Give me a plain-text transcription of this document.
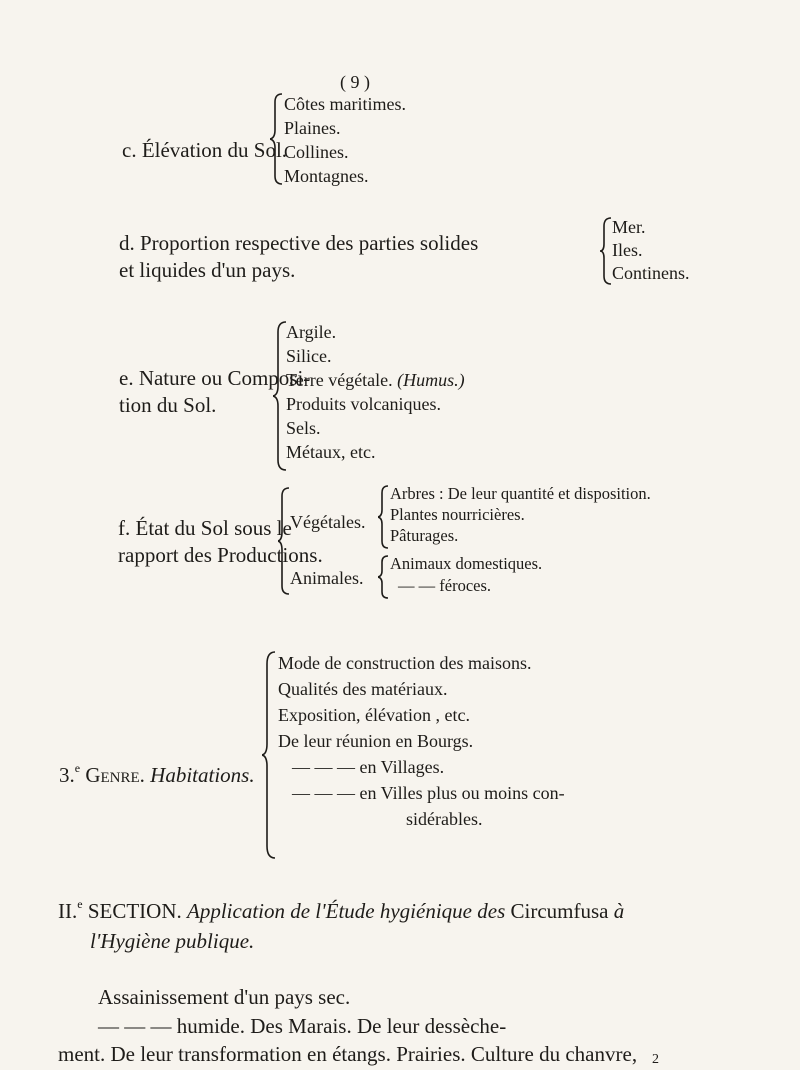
( 9 )
c. Élévation du Sol.
Côtes maritimes.
Plaines.
Collines.
Montagnes.
d. Proportion respective des parties solides
et liquides d'un pays.
Mer.
Iles.
Continens.
e. Nature ou Composi-
tion du Sol.
Argile.
Silice.
Terre végétale. (Humus.)
Produits volcaniques.
Sels.
Métaux, etc.
f. État du Sol sous le
rapport des Productions.
Végétales.
Arbres : De leur quantité et disposition.
Plantes nourricières.
Pâturages.
Animales.
Animaux domestiques.
— — féroces.
3.$^e$ Genre. Habitations.
Mode de construction des maisons.
Qualités des matériaux.
Exposition, élévation , etc.
De leur réunion en Bourgs.
— — — en Villages.
— — — en Villes plus ou moins con-
sidérables.
II.$^e$ SECTION. Application de l'Étude hygiénique des Circumfusa à
l'Hygiène publique.
Assainissement d'un pays sec.
— — — humide. Des Marais. De leur dessèche-
ment. De leur transformation en étangs. Prairies. Culture du chanvre, 2
